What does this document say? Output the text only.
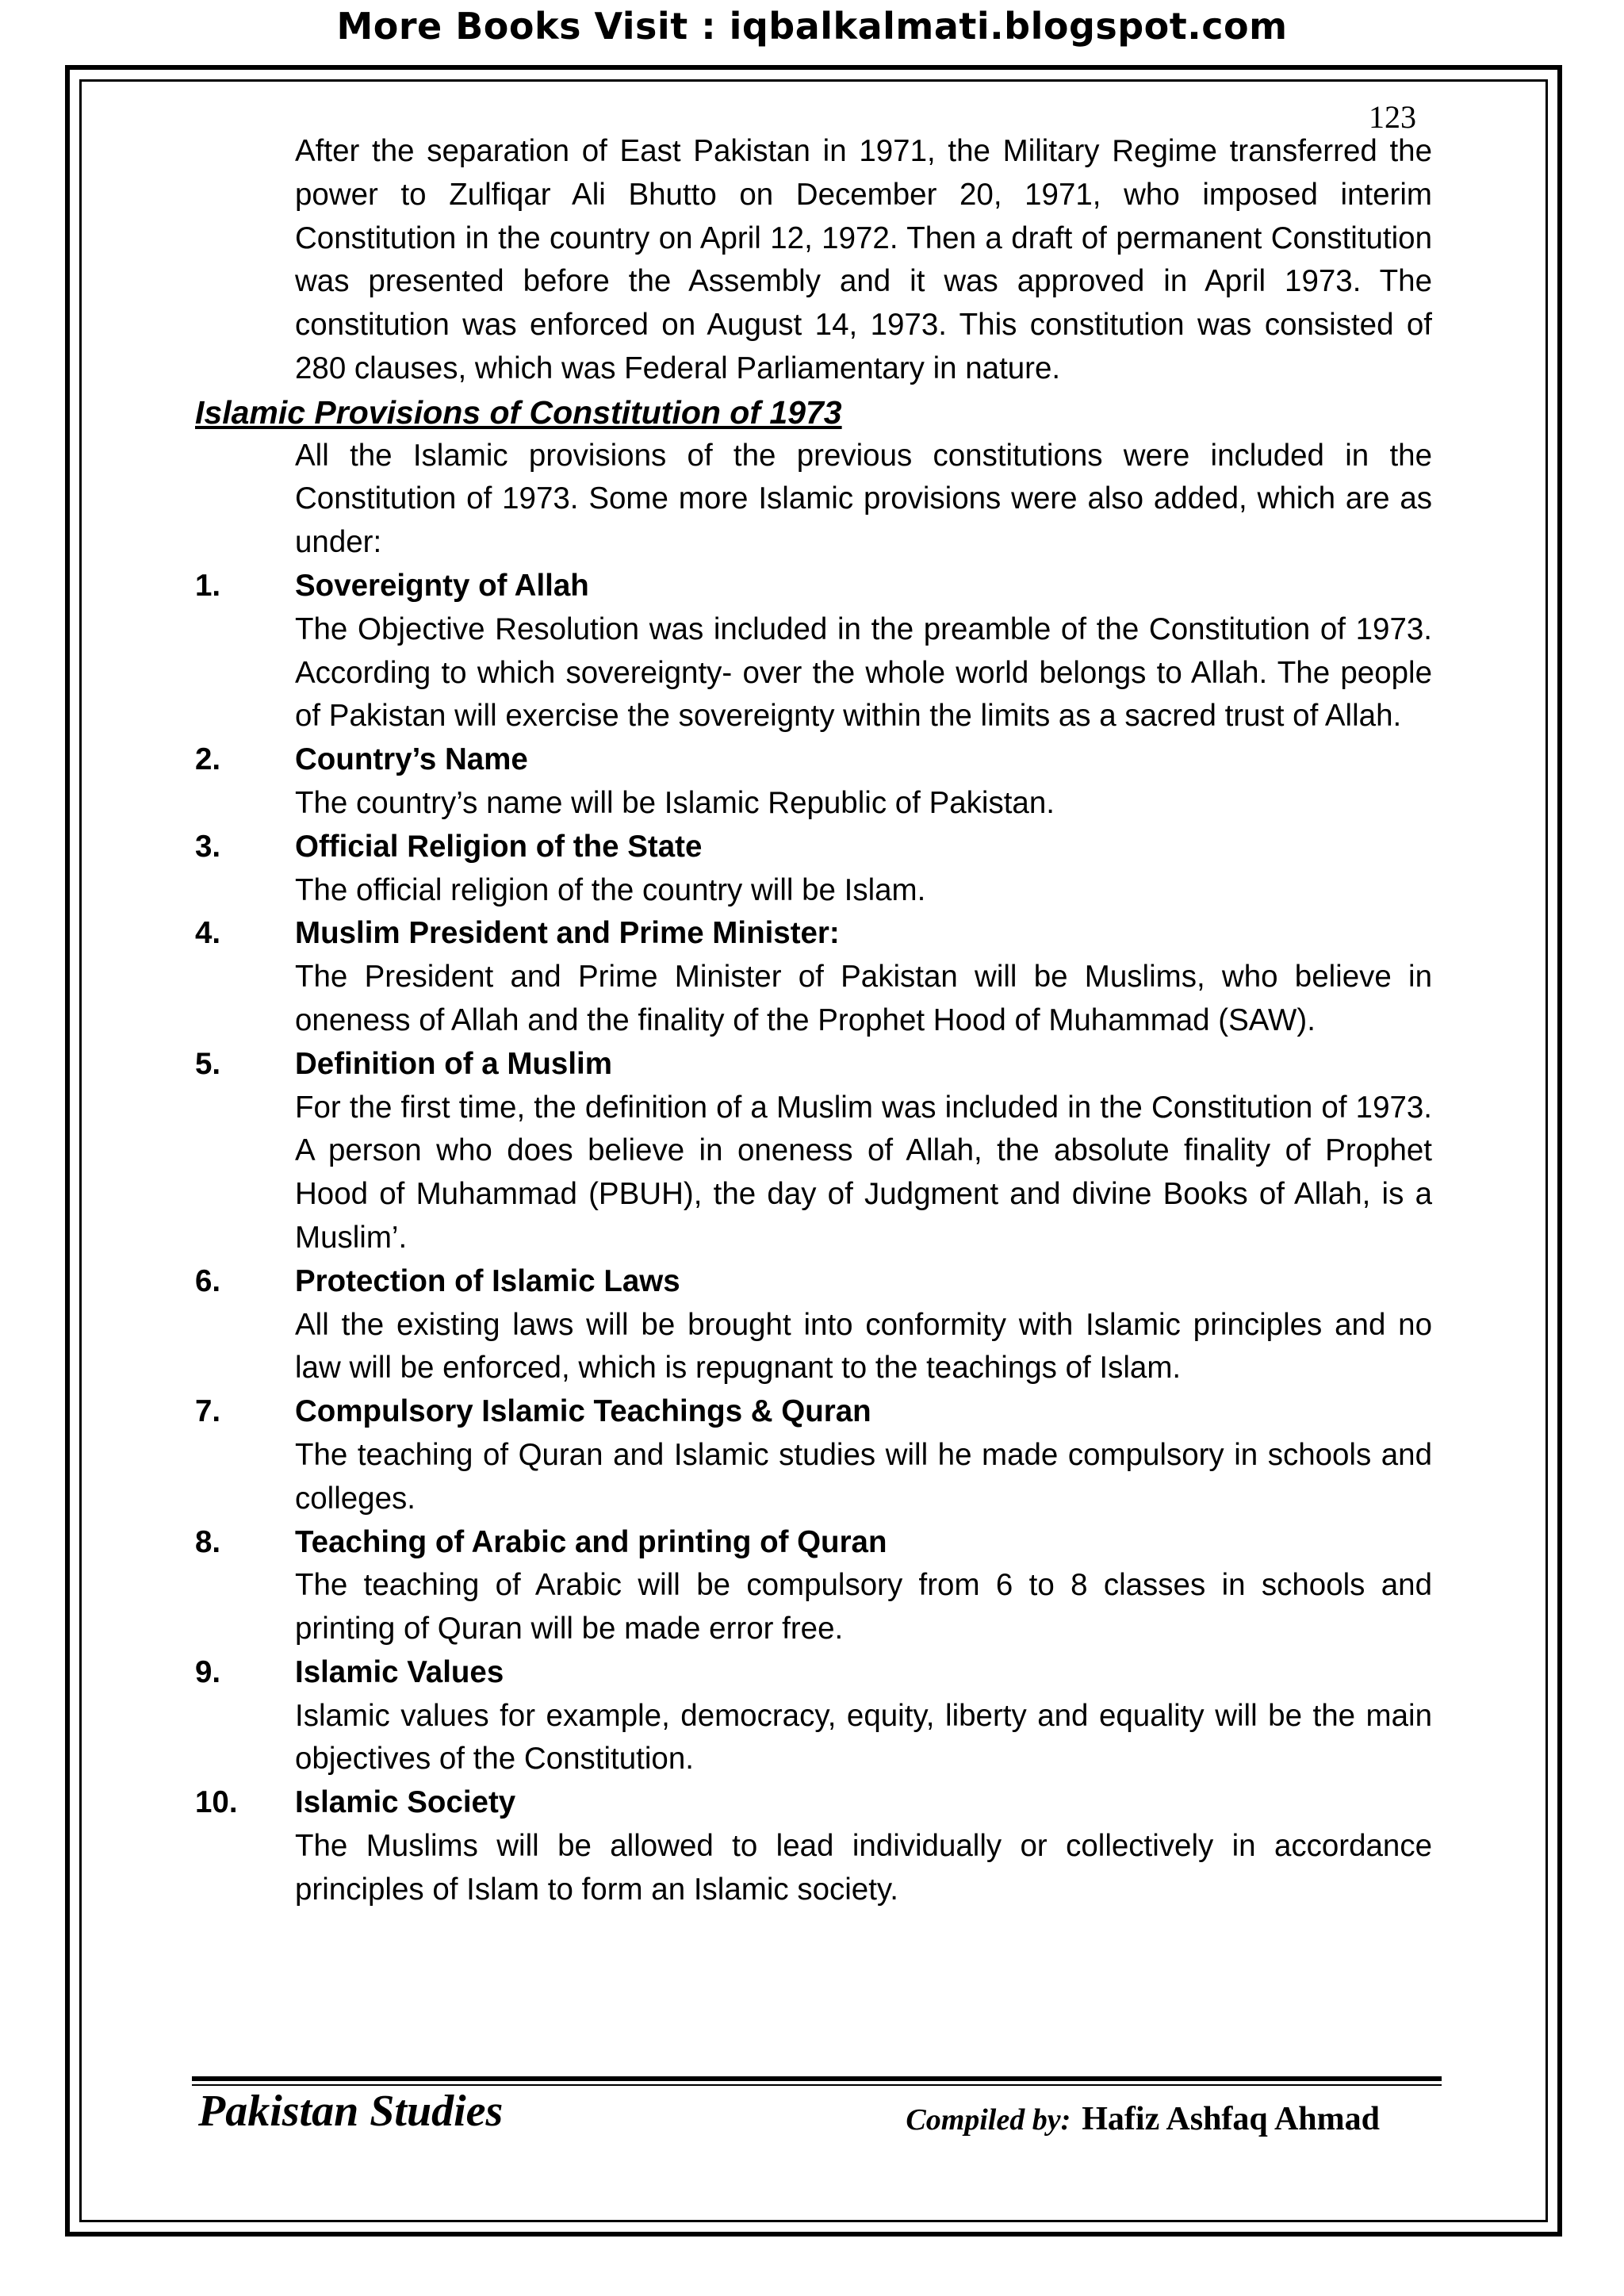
More Books Visit : iqbalkalmati.blogspot.com
123

After the separation of East Pakistan in 1971, the Military Regime transferred the power to Zulfiqar Ali Bhutto on December 20, 1971, who imposed interim Constitution in the country on April 12, 1972. Then a draft of permanent Constitution was presented before the Assembly and it was approved in April 1973. The constitution was enforced on August 14, 1973. This constitution was consisted of 280 clauses, which was Federal Parliamentary in nature.

Islamic Provisions of Constitution of 1973

All the Islamic provisions of the previous constitutions were included in the Constitution of 1973. Some more Islamic provisions were also added, which are as under:

1.	Sovereignty of Allah

The Objective Resolution was included in the preamble of the Constitution of 1973. According to which sovereignty- over the whole world belongs to Allah. The people of Pakistan will exercise the sovereignty within the limits as a sacred trust of Allah.

2.	Country’s Name

The country’s name will be Islamic Republic of Pakistan.

3.	Official Religion of the State

The official religion of the country will be Islam.

4.	Muslim President and Prime Minister:

The President and Prime Minister of Pakistan will be Muslims, who believe in oneness of Allah and the finality of the Prophet Hood of Muhammad (SAW).

5.	Definition of a Muslim

For the first time, the definition of a Muslim was included in the Constitution of 1973. A person who does believe in oneness of Allah, the absolute finality of Prophet Hood of Muhammad (PBUH), the day of Judgment and divine Books of Allah, is a Muslim’.

6.	Protection of Islamic Laws

All the existing laws will be brought into conformity with Islamic principles and no law will be enforced, which is repugnant to the teachings of Islam.

7.	Compulsory Islamic Teachings & Quran

The teaching of Quran and Islamic studies will he made compulsory in schools and colleges.

8.	Teaching of Arabic and printing of Quran

The teaching of Arabic will be compulsory from 6 to 8 classes in schools and printing of Quran will be made error free.

9.	Islamic Values

Islamic values for example, democracy, equity, liberty and equality will be the main objectives of the Constitution.

10.	Islamic Society

The Muslims will be allowed to lead individually or collectively in accordance principles of Islam to form an Islamic society.

Pakistan Studies	Compiled by: Hafiz Ashfaq Ahmad
